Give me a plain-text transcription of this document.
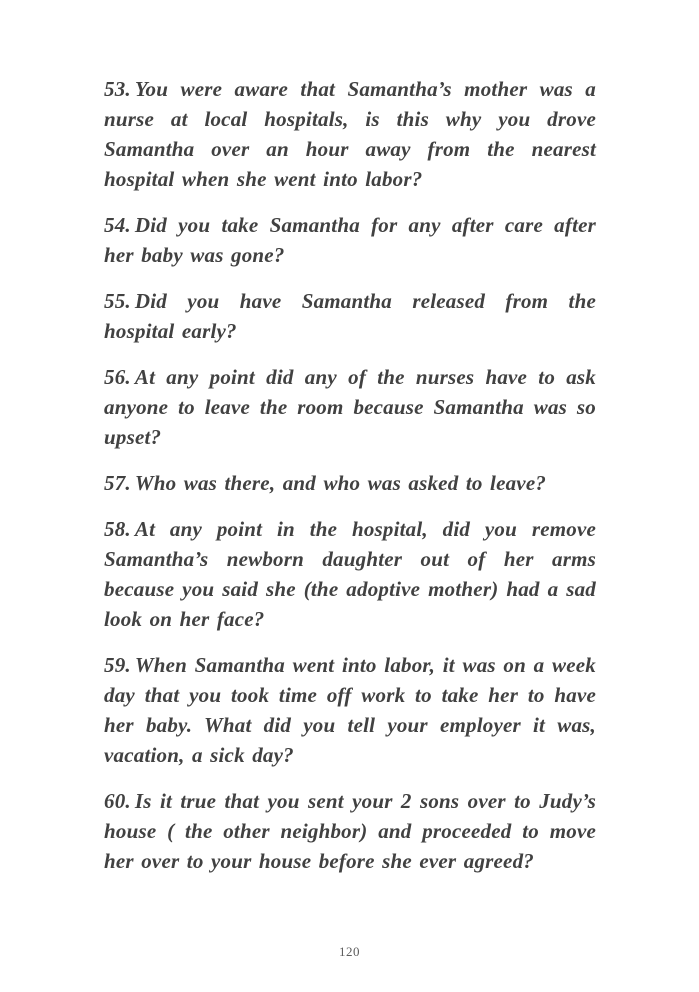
53. You were aware that Samantha’s mother was a nurse at local hospitals, is this why you drove Samantha over an hour away from the nearest hospital when she went into labor?

54. Did you take Samantha for any after care after her baby was gone?

55. Did you have Samantha released from the hospital early?

56. At any point did any of the nurses have to ask anyone to leave the room because Samantha was so upset?

57. Who was there, and who was asked to leave?

58. At any point in the hospital, did you remove Samantha’s newborn daughter out of her arms because you said she (the adoptive mother) had a sad look on her face?

59. When Samantha went into labor, it was on a week day that you took time off work to take her to have her baby. What did you tell your employer it was, vacation, a sick day?

60. Is it true that you sent your 2 sons over to Judy’s house ( the other neighbor) and proceeded to move her over to your house before she ever agreed?

120
